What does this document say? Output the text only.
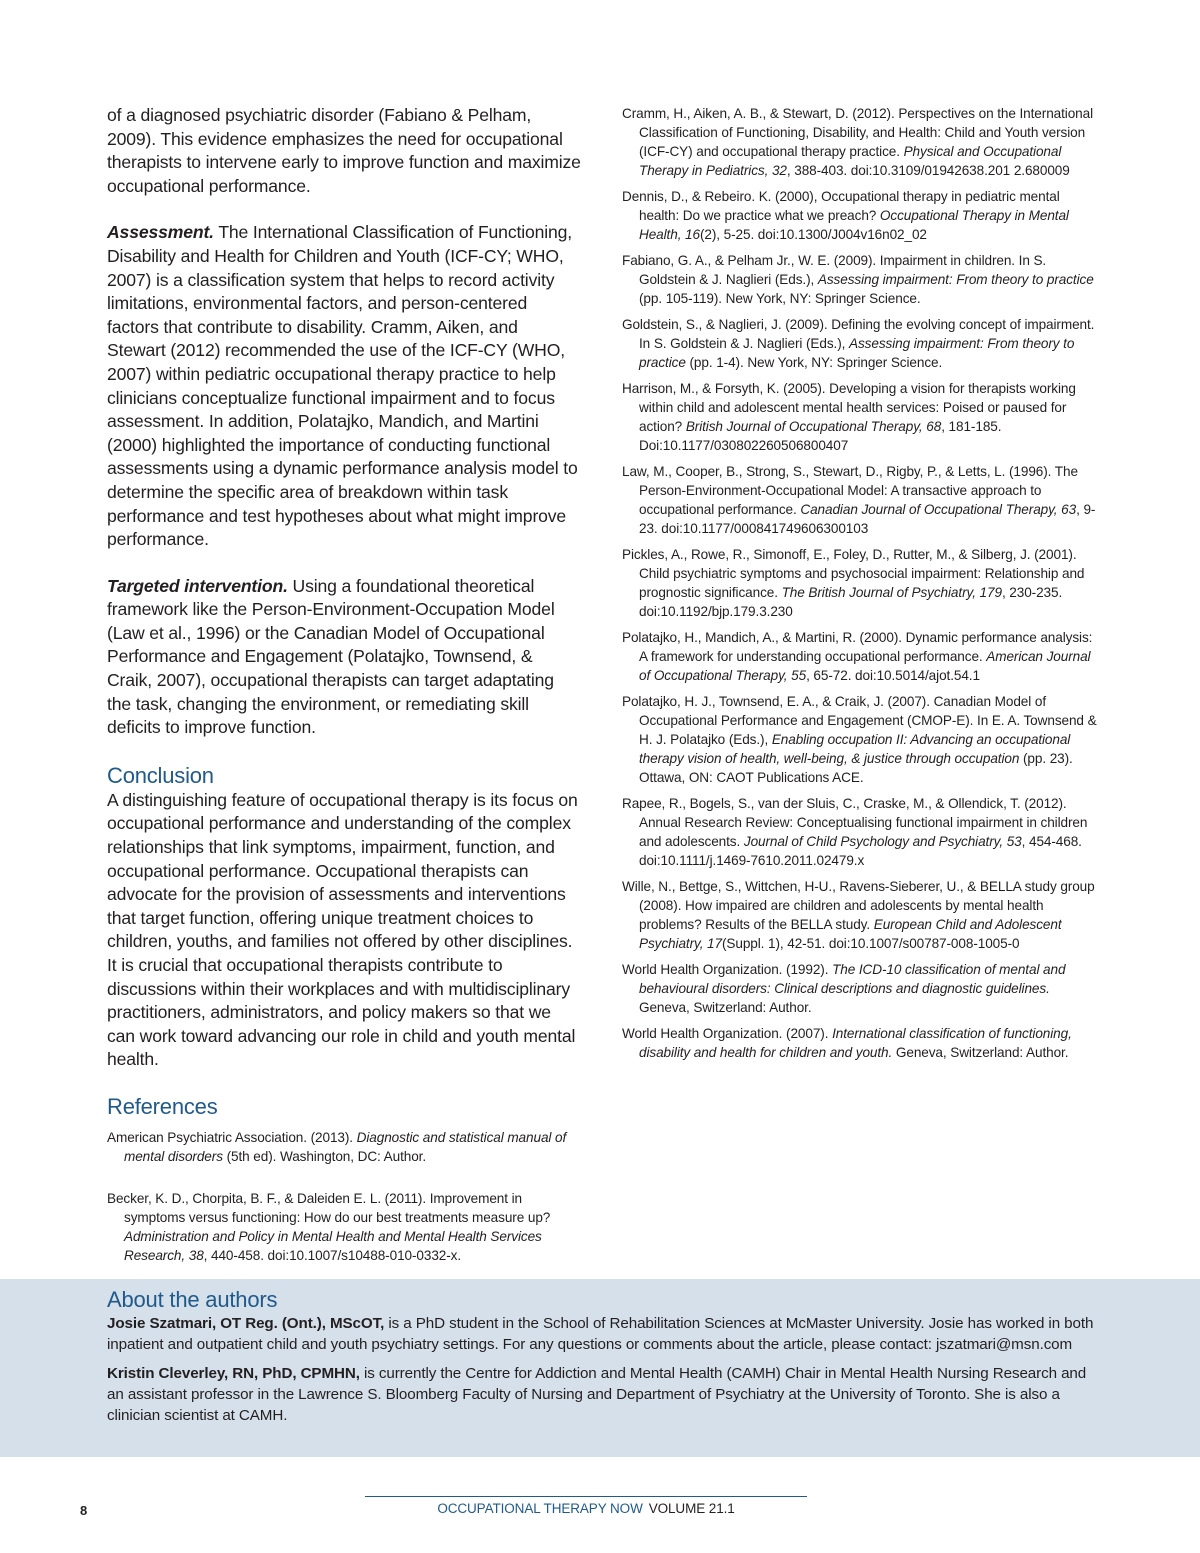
of a diagnosed psychiatric disorder (Fabiano & Pelham, 2009). This evidence emphasizes the need for occupational therapists to intervene early to improve function and maximize occupational performance.

Assessment. The International Classification of Functioning, Disability and Health for Children and Youth (ICF-CY; WHO, 2007) is a classification system that helps to record activity limitations, environmental factors, and person-centered factors that contribute to disability. Cramm, Aiken, and Stewart (2012) recommended the use of the ICF-CY (WHO, 2007) within pediatric occupational therapy practice to help clinicians conceptualize functional impairment and to focus assessment. In addition, Polatajko, Mandich, and Martini (2000) highlighted the importance of conducting functional assessments using a dynamic performance analysis model to determine the specific area of breakdown within task performance and test hypotheses about what might improve performance.

Targeted intervention. Using a foundational theoretical framework like the Person-Environment-Occupation Model (Law et al., 1996) or the Canadian Model of Occupational Performance and Engagement (Polatajko, Townsend, & Craik, 2007), occupational therapists can target adaptating the task, changing the environment, or remediating skill deficits to improve function.

Conclusion

A distinguishing feature of occupational therapy is its focus on occupational performance and understanding of the complex relationships that link symptoms, impairment, function, and occupational performance. Occupational therapists can advocate for the provision of assessments and interventions that target function, offering unique treatment choices to children, youths, and families not offered by other disciplines. It is crucial that occupational therapists contribute to discussions within their workplaces and with multidisciplinary practitioners, administrators, and policy makers so that we can work toward advancing our role in child and youth mental health.

References

American Psychiatric Association. (2013). Diagnostic and statistical manual of mental disorders (5th ed). Washington, DC: Author.

Becker, K. D., Chorpita, B. F., & Daleiden E. L. (2011). Improvement in symptoms versus functioning: How do our best treatments measure up? Administration and Policy in Mental Health and Mental Health Services Research, 38, 440-458. doi:10.1007/s10488-010-0332-x.

Cramm, H., Aiken, A. B., & Stewart, D. (2012). Perspectives on the International Classification of Functioning, Disability, and Health: Child and Youth version (ICF-CY) and occupational therapy practice. Physical and Occupational Therapy in Pediatrics, 32, 388-403. doi:10.3109/01942638.201 2.680009

Dennis, D., & Rebeiro. K. (2000), Occupational therapy in pediatric mental health: Do we practice what we preach? Occupational Therapy in Mental Health, 16(2), 5-25. doi:10.1300/J004v16n02_02

Fabiano, G. A., & Pelham Jr., W. E. (2009). Impairment in children. In S. Goldstein & J. Naglieri (Eds.), Assessing impairment: From theory to practice (pp. 105-119). New York, NY: Springer Science.

Goldstein, S., & Naglieri, J. (2009). Defining the evolving concept of impairment. In S. Goldstein & J. Naglieri (Eds.), Assessing impairment: From theory to practice (pp. 1-4). New York, NY: Springer Science.

Harrison, M., & Forsyth, K. (2005). Developing a vision for therapists working within child and adolescent mental health services: Poised or paused for action? British Journal of Occupational Therapy, 68, 181-185. Doi:10.1177/030802260506800407

Law, M., Cooper, B., Strong, S., Stewart, D., Rigby, P., & Letts, L. (1996). The Person-Environment-Occupational Model: A transactive approach to occupational performance. Canadian Journal of Occupational Therapy, 63, 9-23. doi:10.1177/000841749606300103

Pickles, A., Rowe, R., Simonoff, E., Foley, D., Rutter, M., & Silberg, J. (2001). Child psychiatric symptoms and psychosocial impairment: Relationship and prognostic significance. The British Journal of Psychiatry, 179, 230-235. doi:10.1192/bjp.179.3.230

Polatajko, H., Mandich, A., & Martini, R. (2000). Dynamic performance analysis: A framework for understanding occupational performance. American Journal of Occupational Therapy, 55, 65-72. doi:10.5014/ajot.54.1

Polatajko, H. J., Townsend, E. A., & Craik, J. (2007). Canadian Model of Occupational Performance and Engagement (CMOP-E). In E. A. Townsend & H. J. Polatajko (Eds.), Enabling occupation II: Advancing an occupational therapy vision of health, well-being, & justice through occupation (pp. 23). Ottawa, ON: CAOT Publications ACE.

Rapee, R., Bogels, S., van der Sluis, C., Craske, M., & Ollendick, T. (2012). Annual Research Review: Conceptualising functional impairment in children and adolescents. Journal of Child Psychology and Psychiatry, 53, 454-468. doi:10.1111/j.1469-7610.2011.02479.x

Wille, N., Bettge, S., Wittchen, H-U., Ravens-Sieberer, U., & BELLA study group (2008). How impaired are children and adolescents by mental health problems? Results of the BELLA study. European Child and Adolescent Psychiatry, 17(Suppl. 1), 42-51. doi:10.1007/s00787-008-1005-0

World Health Organization. (1992). The ICD-10 classification of mental and behavioural disorders: Clinical descriptions and diagnostic guidelines. Geneva, Switzerland: Author.

World Health Organization. (2007). International classification of functioning, disability and health for children and youth. Geneva, Switzerland: Author.

About the authors

Josie Szatmari, OT Reg. (Ont.), MScOT, is a PhD student in the School of Rehabilitation Sciences at McMaster University. Josie has worked in both inpatient and outpatient child and youth psychiatry settings. For any questions or comments about the article, please contact: jszatmari@msn.com

Kristin Cleverley, RN, PhD, CPMHN, is currently the Centre for Addiction and Mental Health (CAMH) Chair in Mental Health Nursing Research and an assistant professor in the Lawrence S. Bloomberg Faculty of Nursing and Department of Psychiatry at the University of Toronto. She is also a clinician scientist at CAMH.

8	OCCUPATIONAL THERAPY NOW VOLUME 21.1
